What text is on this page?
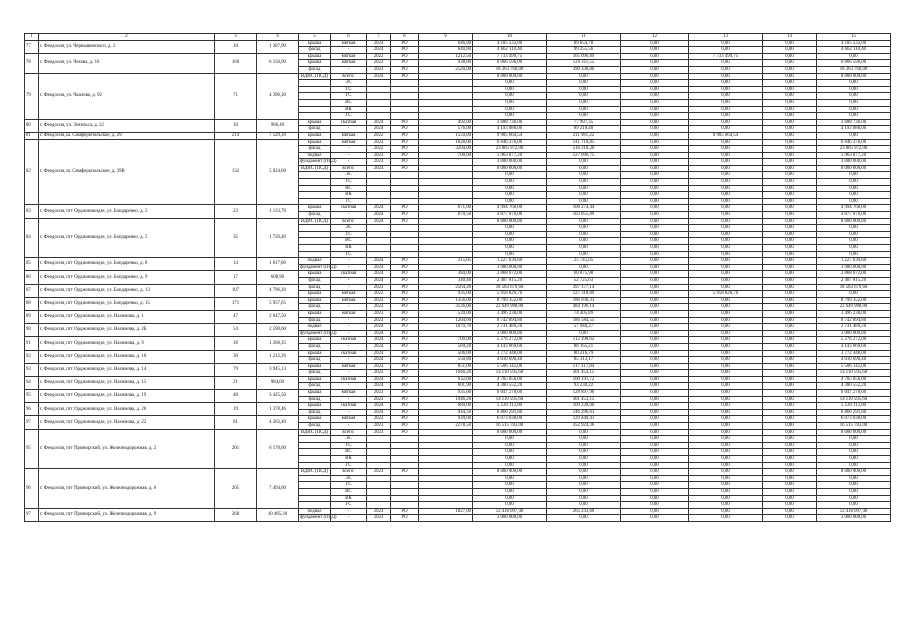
1	2	3	4	5	6	7	8	9	10	11	12	13	14	15
77	г. Феодосия, ул. Чернышевского, д. 2	10	1 307,90	крыша	мягкая	2024	РО	646,00	4 185 532,00	89 054,78	0,00	0,00	0,00	4 185 532,00
				фасад	-	2024	РО	640,80	4 662 110,40	99 255,56	0,00	0,00	0,00	4 662 110,40
78	г. Феодосия, ул. Чехова, д. 16	160	6 150,90	крыша	мягкая	2022	РО	1212,50	7 733 499,75	165 096,89	0,00	7 733 499,75	0,00	0,00
				крыша	мягкая	2023	РО	938,00	6 066 596,00	129 311,55	0,00	0,00	0,00	6 066 596,00
				фасад	-	2023	РО	2520,00	18 263 760,00	390 330,86	0,00	0,00	0,00	18 263 760,00
79	г. Феодосия, ул. Чкалова, д. 92	71	4 396,30	ВДИС (ПСД)	всего:	2024	РО		8 000 000,00	0,00	0,00	0,00	0,00	8 000 000,00
					ЭС				0,00	0,00	0,00	0,00	0,00	0,00
					ТС				0,00	0,00	0,00	0,00	0,00	0,00
					ГС				0,00	0,00	0,00	0,00	0,00	0,00
					ВС				0,00	0,00	0,00	0,00	0,00	0,00
					ВК				0,00	0,00	0,00	0,00	0,00	0,00
					ГС				0,00	0,00	0,00	0,00	0,00	0,00
80	г. Феодосия, ул. Энгельса, д. 22	10	986,40	крыша	скатная	2024	РО	492,00	3 688 736,00	77 997,35	0,00	0,00	0,00	3 688 736,00
				фасад	-	2024	РО	576,00	4 193 088,00	89 218,48	0,00	0,00	0,00	4 193 088,00
81	г. Феодосия, ш. Симферопольское, д. 29	214	7 529,10	крыша	мягкая	2022	РО	1559,00	9 905 664,54	211 981,22	0,00	9 905 664,54	0,00	0,00
82	г. Феодосия, ш. Симферопольское, д. 39В	132	5 024,60	крыша	мягкая	2023	РО	1028,00	6 646 376,00	141 718,85	0,00	0,00	0,00	6 646 376,00
				фасад	-	2022	РО	3294,00	23 865 972,00	510 218,20	0,00	0,00	0,00	23 865 972,00
				подвал	-	2023	РО	700,00	5 963 077,20	127 096,75	0,00	0,00	0,00	5 963 077,20
				фундамент (ПСД)	-	2023	РО		3 000 000,00	0,00	0,00	0,00	0,00	3 000 000,00
				ВДИС (ПСД)	всего:	2024	РО		8 000 000,00	0,00	0,00	0,00	0,00	8 000 000,00
					ЭС				0,00	0,00	0,00	0,00	0,00	0,00
					ТС				0,00	0,00	0,00	0,00	0,00	0,00
					ВС				0,00	0,00	0,00	0,00	0,00	0,00
					ВК				0,00	0,00	0,00	0,00	0,00	0,00
					ГС				0,00	0,00	0,00	0,00	0,00	0,00
83	г. Феодосия, пгт Орджоникидзе, ул. Бондаренко, д. 2	23	1 133,70	крыша	скатная	2024	РО	671,00	4 994 768,00	106 274,44	0,00	0,00	0,00	4 994 768,00
				фасад	-	2024	РО	670,50	4 877 079,00	103 855,89	0,00	0,00	0,00	4 877 079,00
84	г. Феодосия, пгт Орджоникидзе, ул. Бондаренко, д. 5	35	1 726,40	ВДИС (ПСД)	всего:	2024	РО		8 000 000,00	0,00	0,00	0,00	0,00	8 000 000,00
					ЭС				0,00	0,00	0,00	0,00	0,00	0,00
					ТС				0,00	0,00	0,00	0,00	0,00	0,00
					ВС				0,00	0,00	0,00	0,00	0,00	0,00
					ВК				0,00	0,00	0,00	0,00	0,00	0,00
					ГС				0,00	0,00	0,00	0,00	0,00	0,00
85	г. Феодосия, пгт Орджоникидзе, ул. Бондаренко, д. 8	14	1 017,80	подвал	-	2024	РО	315,05	1 227 039,60	25 745,05	0,00	0,00	0,00	1 227 039,60
				фундамент (ПСД)	-	2024	РО		3 000 000,00	0,00	0,00	0,00	0,00	3 000 000,00
86	г. Феодосия, пгт Орджоникидзе, ул. Бондаренко, д. 9	17	608,90	крыша	скатная	2024	РО	384,00	2 868 672,00	60 875,98	0,00	0,00	0,00	2 868 672,00
				фасад	-	2024	РО	340,40	2 487 815,20	52 725,63	0,00	0,00	0,00	2 487 815,20
87	г. Феодосия, пгт Орджоникидзе, ул. Бондаренко, д. 13	107	4 796,20	фасад	-	2023	РО	2564,20	18 583 679,60	397 177,14	0,00	0,00	0,00	18 583 679,60
				крыша	мягкая	2022	РО	935,00	5 958 826,70	127 318,89	0,00	5 958 826,70	0,00	0,00
88	г. Феодосия, пгт Орджоникидзе, ул. Бондаренко, д. 15	171	5 957,65	крыша	мягкая	2023	РО	1356,00	8 799 352,00	186 936,33	0,00	0,00	0,00	8 799 352,00
				фасад	-	2023	РО	3126,00	22 649 988,00	484 196,14	0,00	0,00	0,00	22 649 988,00
89	г. Феодосия, пгт Орджоникидзе, ул. Нахимова, д. 1	47	2 047,50	крыша	мягкая	2023	РО	539,00	3 496 238,00	74 305,89	0,00	0,00	0,00	3 496 238,00
				фасад	-	2023	РО	1204,60	8 742 894,80	186 584,55	0,00	0,00	0,00	8 742 894,80
90	г. Феодосия, пгт Орджоникидзе, ул. Нахимова, д. 2Б	54	2 590,60	подвал	-	2024	РО	1079,70	2 731 489,20	57 940,27	0,00	0,00	0,00	2 731 489,20
				фундамент (ПСД)	-	2024	РО		3 000 000,00	0,00	0,00	0,00	0,00	3 000 000,00
91	г. Феодосия, пгт Орджоникидзе, ул. Нахимова, д. 9	18	1 268,35	крыша	скатная	2024	РО	709,00	5 276 272,00	112 398,62	0,00	0,00	0,00	5 276 272,00
				фасад	-	2024	РО	569,20	4 143 869,60	88 165,21	0,00	0,00	0,00	4 143 869,60
92	г. Феодосия, пгт Орджоникидзе, ул. Нахимова, д. 10	30	1 212,26	крыша	скатная	2024	РО	506,00	3 772 448,00	80 216,79	0,00	0,00	0,00	3 772 448,00
				фасад	-	2024	РО	550,80	4 010 690,40	85 313,17	0,00	0,00	0,00	4 010 690,40
93	г. Феодосия, пгт Орджоникидзе, ул. Нахимова, д. 14	79	3 945,13	крыша	мягкая	2023	РО	851,00	5 506 142,00	117 317,84	0,00	0,00	0,00	5 506 142,00
				фасад	-	2023	РО	1946,20	14 110 595,60	301 453,15	0,00	0,00	0,00	14 110 595,60
94	г. Феодосия, пгт Орджоникидзе, ул. Нахимова, д. 15	21	984,00	крыша	скатная	2024	РО	632,00	4 705 856,00	100 191,72	0,00	0,00	0,00	4 705 856,00
				фасад	-	2024	РО	601,90	4 380 552,20	93 230,22	0,00	0,00	0,00	4 380 552,20
95	г. Феодосия, пгт Орджоникидзе, ул. Нахимова, д. 19	48	3 425,50	крыша	мягкая	2023	РО	935,00	6 047 270,00	128 897,96	0,00	0,00	0,00	6 047 270,00
				фасад	-	2023	РО	1946,20	14 110 595,60	301 453,15	0,00	0,00	0,00	14 110 595,60
96	г. Феодосия, пгт Орджоникидзе, ул. Нахимова, д. 20	19	1 378,46	крыша	скатная	2024	РО	689,00	5 128 112,00	109 228,00	0,00	0,00	0,00	5 128 112,00
				фасад	-	2024	РО	944,50	6 860 291,00	146 296,63	0,00	0,00	0,00	6 860 291,00
97	г. Феодосия, пгт Орджоникидзе, ул. Нахимова, д. 22	81	4 263,40	крыша	мягкая	2023	РО	939,00	6 073 038,00	129 449,41	0,00	0,00	0,00	6 073 038,00
				фасад	-	2023	РО	2278,50	16 515 783,00	352 924,36	0,00	0,00	0,00	16 515 783,00
95	г. Феодосия, пгт Приморский, ул. Железнодорожная, д. 2	201	6 178,00	ВДИС (ПСД)	всего:	2023	РО		8 000 000,00	0,00	0,00	0,00	0,00	8 000 000,00
					ЭС				0,00	0,00	0,00	0,00	0,00	0,00
					ТС				0,00	0,00	0,00	0,00	0,00	0,00
					ВС				0,00	0,00	0,00	0,00	0,00	0,00
					ВК				0,00	0,00	0,00	0,00	0,00	0,00
					ГС				0,00	0,00	0,00	0,00	0,00	0,00
96	г. Феодосия, пгт Приморский, ул. Железнодорожная, д. 6	205	7 494,00	ВДИС (ПСД)	всего:	2023	РО		8 000 000,00	0,00	0,00	0,00	0,00	8 000 000,00
					ЭС				0,00	0,00	0,00	0,00	0,00	0,00
					ТС				0,00	0,00	0,00	0,00	0,00	0,00
					ВС				0,00	0,00	0,00	0,00	0,00	0,00
					ВК				0,00	0,00	0,00	0,00	0,00	0,00
					ГС				0,00	0,00	0,00	0,00	0,00	0,00
97	г. Феодосия, пгт Приморский, ул. Железнодорожная, д. 9	268	10 485,30	подвал	-	2023	РО	1827,00	12 418 097,40	265 233,68	0,00	0,00	0,00	12 418 097,40
				фундамент (ПСД)	-	2023	РО		3 000 000,00	0,00	0,00	0,00	0,00	3 000 000,00
